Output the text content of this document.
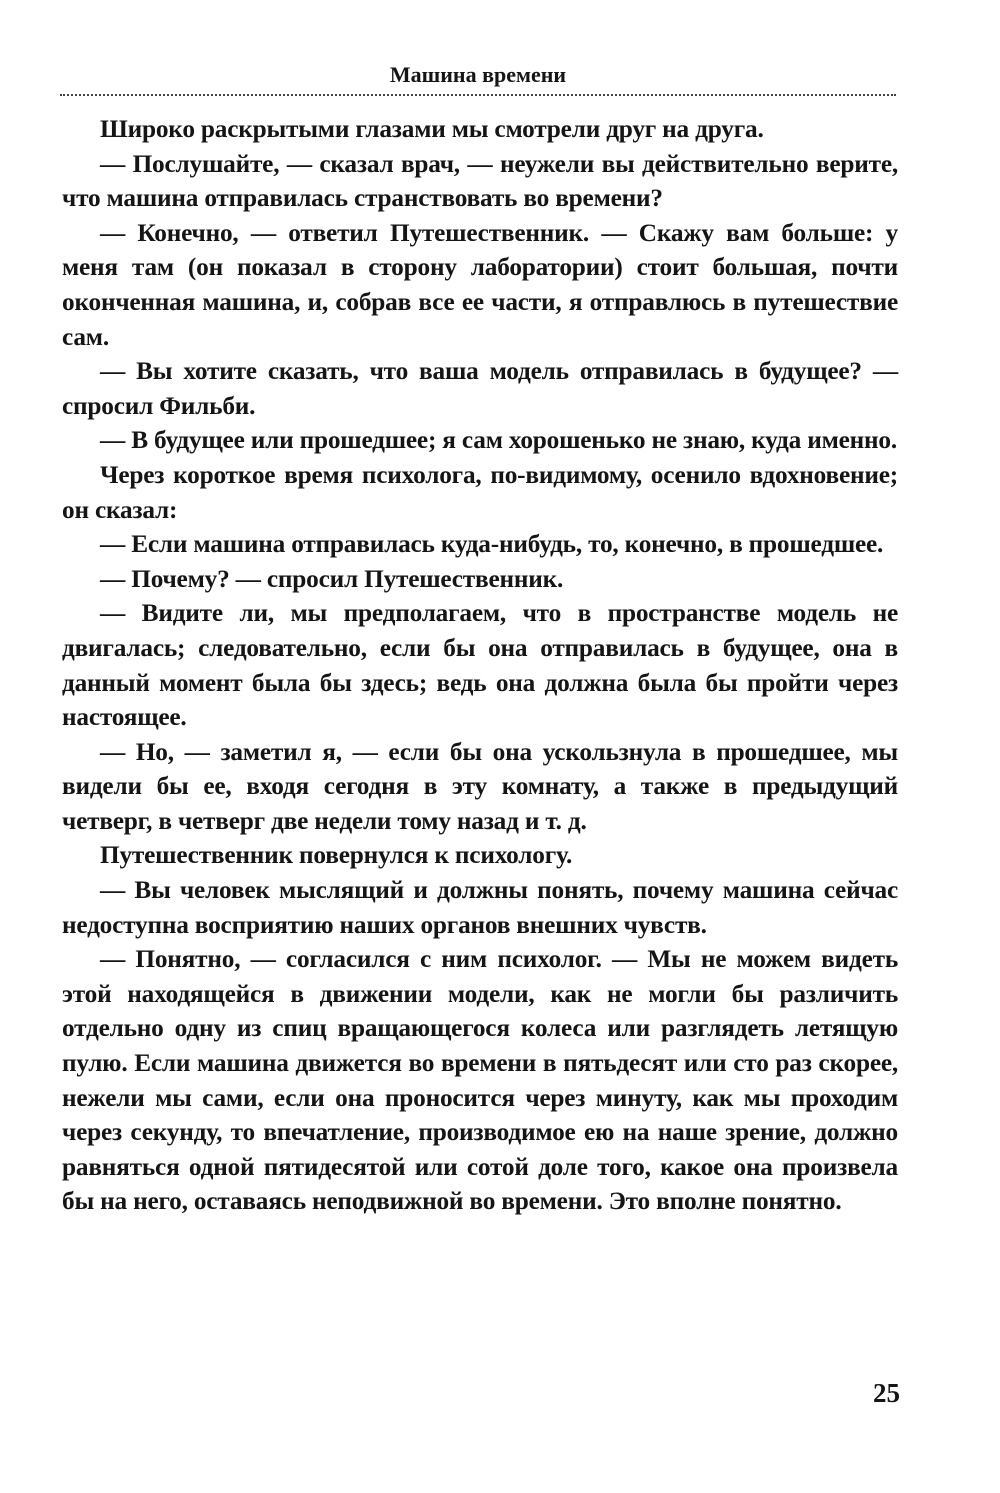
Машина времени

Широко раскрытыми глазами мы смотрели друг на друга.

— Послушайте, — сказал врач, — неужели вы действительно верите, что машина отправилась странствовать во времени?

— Конечно, — ответил Путешественник. — Скажу вам больше: у меня там (он показал в сторону лаборатории) стоит большая, почти оконченная машина, и, собрав все ее части, я отправлюсь в путешествие сам.

— Вы хотите сказать, что ваша модель отправилась в будущее? — спросил Фильби.

— В будущее или прошедшее; я сам хорошенько не знаю, куда именно.

Через короткое время психолога, по-видимому, осенило вдохновение; он сказал:

— Если машина отправилась куда-нибудь, то, конечно, в прошедшее.

— Почему? — спросил Путешественник.

— Видите ли, мы предполагаем, что в пространстве модель не двигалась; следовательно, если бы она отправилась в будущее, она в данный момент была бы здесь; ведь она должна была бы пройти через настоящее.

— Но, — заметил я, — если бы она ускользнула в прошедшее, мы видели бы ее, входя сегодня в эту комнату, а также в предыдущий четверг, в четверг две недели тому назад и т. д.

Путешественник повернулся к психологу.

— Вы человек мыслящий и должны понять, почему машина сейчас недоступна восприятию наших органов внешних чувств.

— Понятно, — согласился с ним психолог. — Мы не можем видеть этой находящейся в движении модели, как не могли бы различить отдельно одну из спиц вращающегося колеса или разглядеть летящую пулю. Если машина движется во времени в пятьдесят или сто раз скорее, нежели мы сами, если она проносится через минуту, как мы проходим через секунду, то впечатление, производимое ею на наше зрение, должно равняться одной пятидесятой или сотой доле того, какое она произвела бы на него, оставаясь неподвижной во времени. Это вполне понятно.

25
